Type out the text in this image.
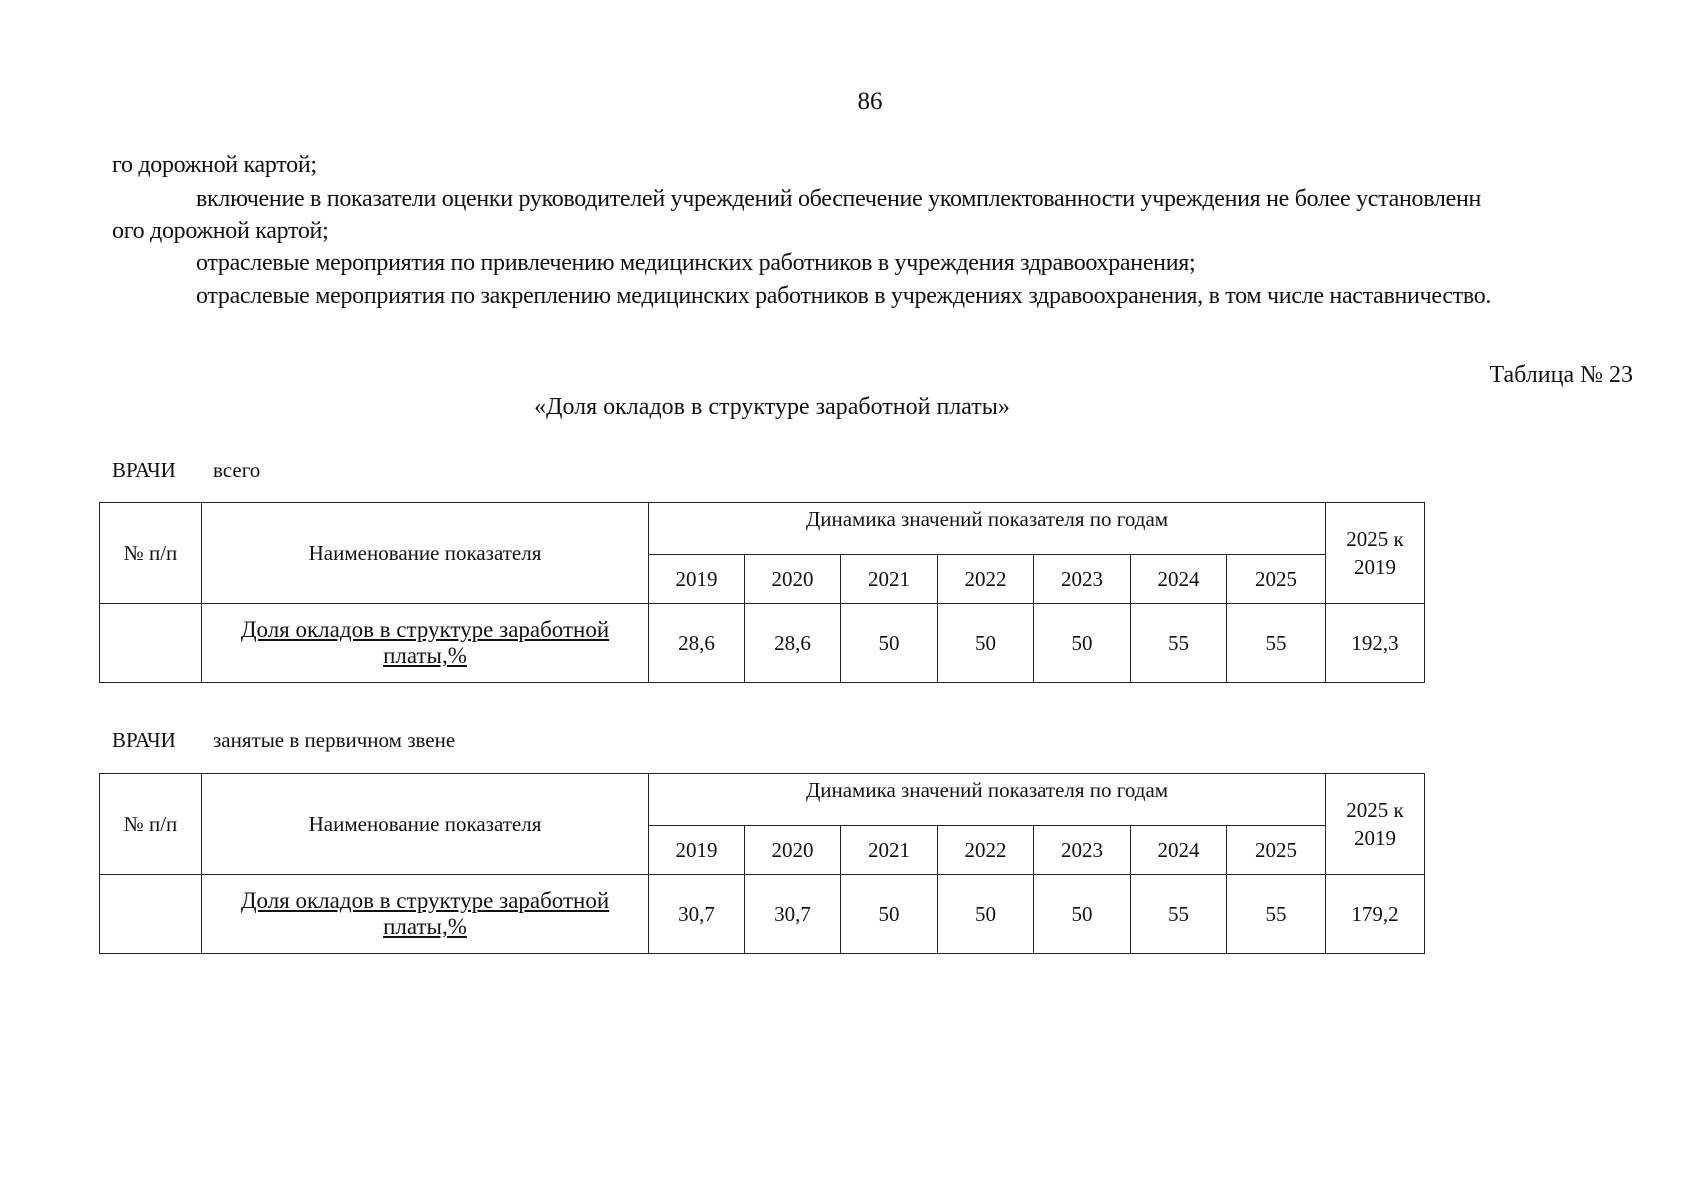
86
го дорожной картой;
включение в показатели оценки руководителей учреждений обеспечение укомплектованности учреждения не более установленн
ого дорожной картой;
отраслевые мероприятия по привлечению медицинских работников в учреждения здравоохранения;
отраслевые мероприятия по закреплению медицинских работников в учреждениях здравоохранения, в том числе наставничество.
Таблица № 23
«Доля окладов в структуре заработной платы»
ВРАЧИ всего
№ п/п	Наименование показателя	Динамика значений показателя по годам							2025 к
2019
		2019	2020	2021	2022	2023	2024	2025	
	Доля окладов в структуре заработной
платы,%	28,6	28,6	50	50	50	55	55	192,3
ВРАЧИ занятые в первичном звене
№ п/п	Наименование показателя	Динамика значений показателя по годам							2025 к
2019
		2019	2020	2021	2022	2023	2024	2025	
	Доля окладов в структуре заработной
платы,%	30,7	30,7	50	50	50	55	55	179,2
